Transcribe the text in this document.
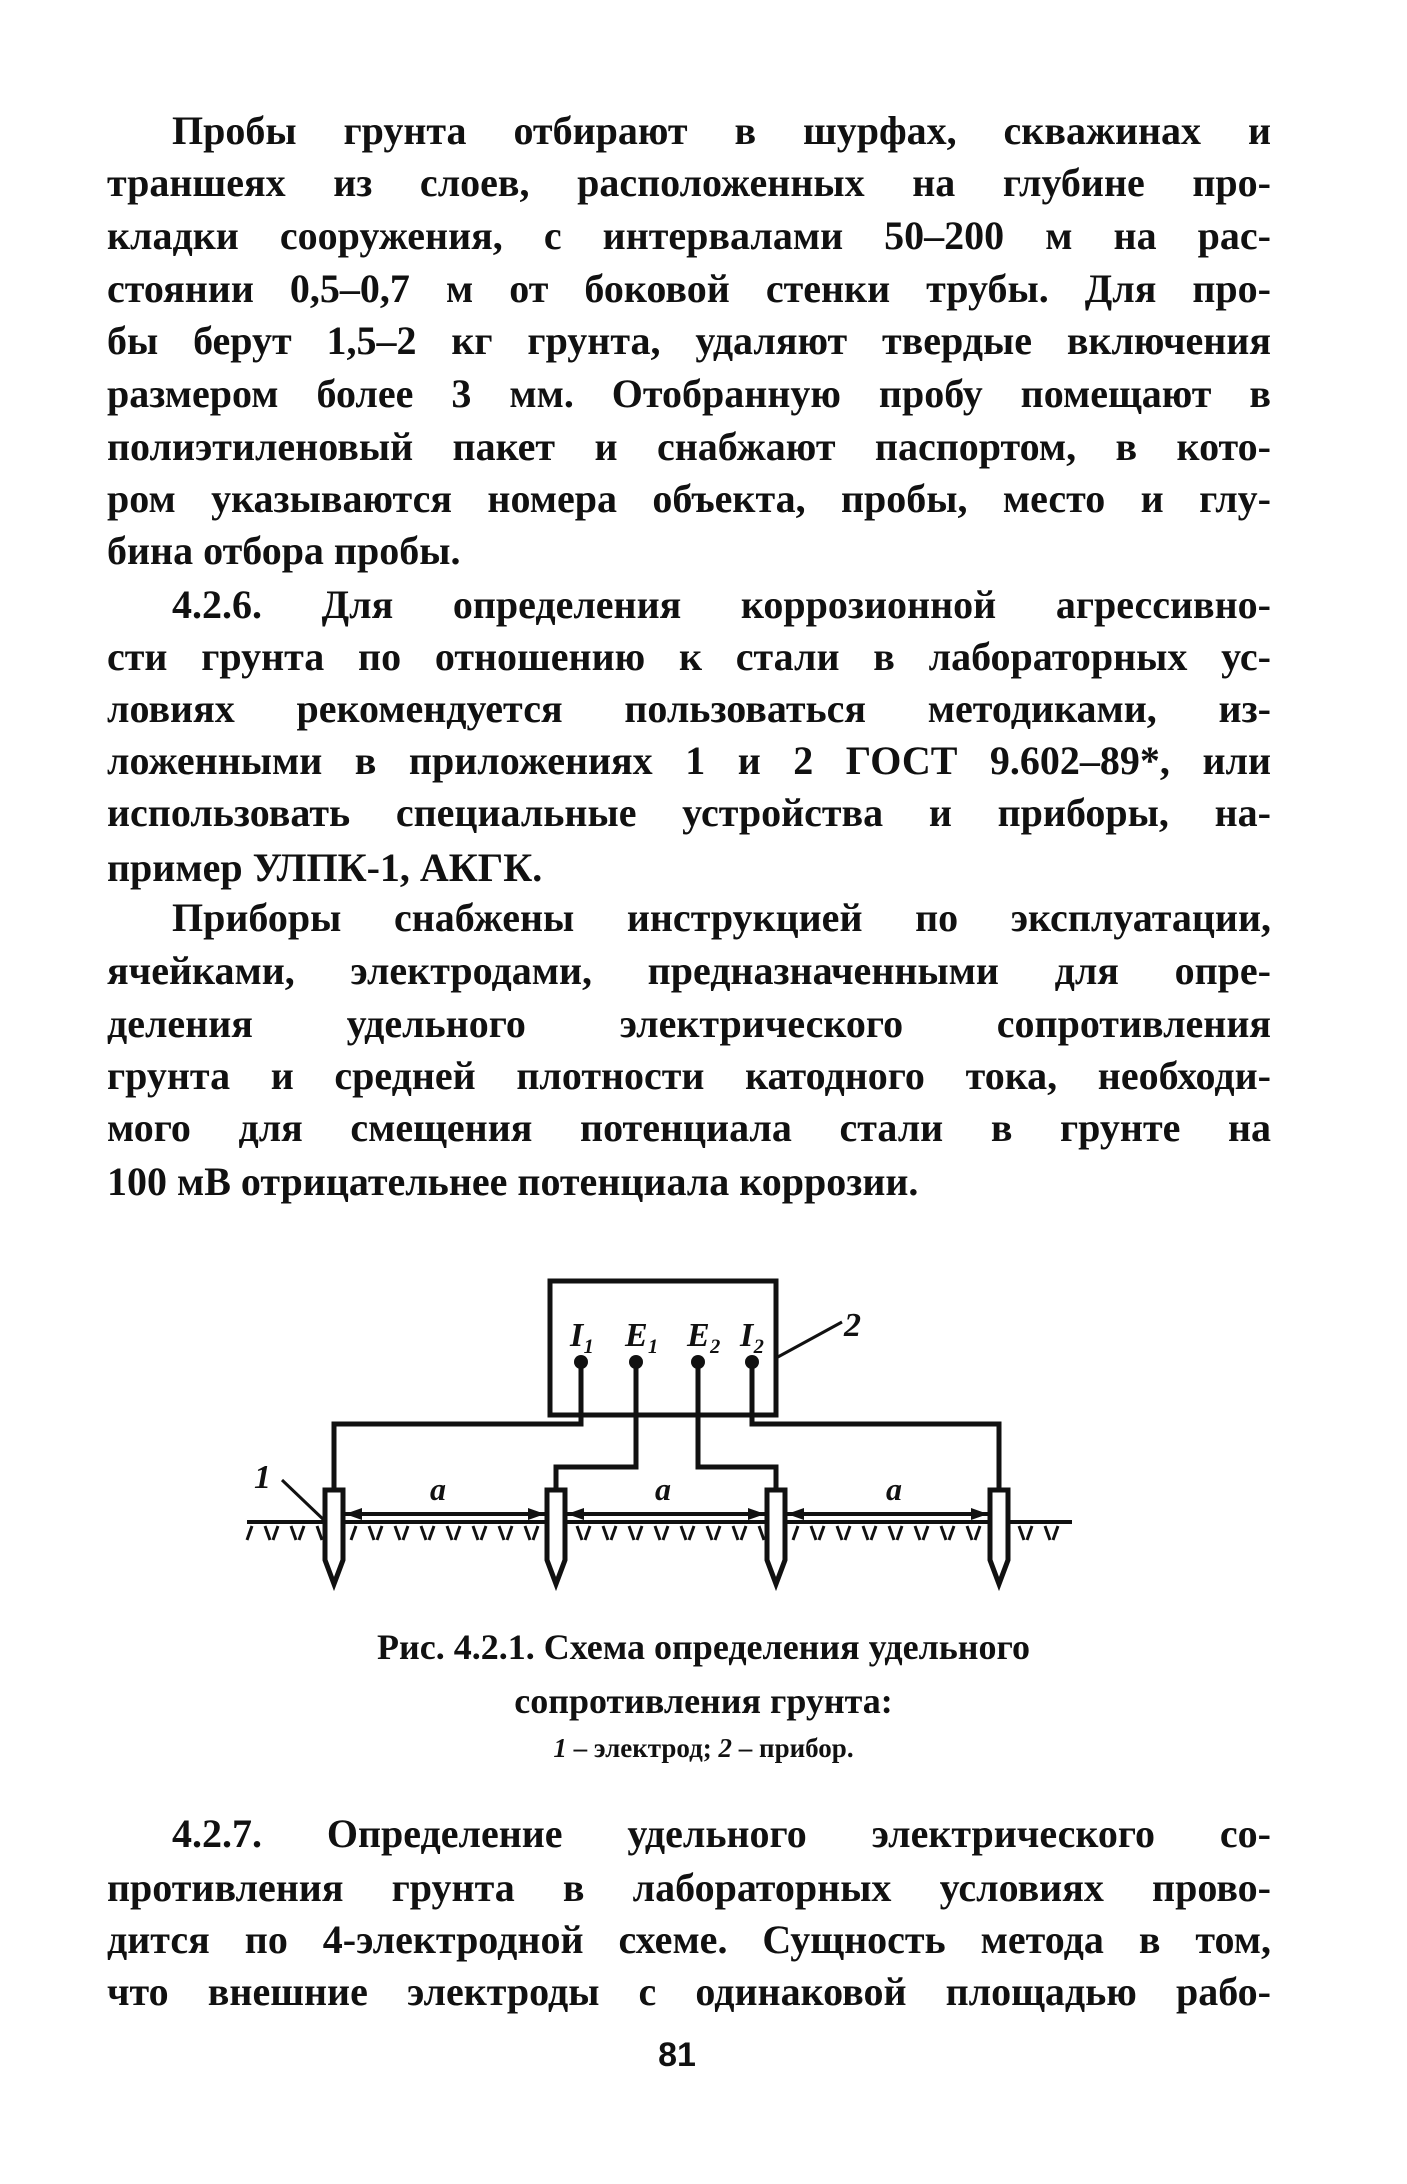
Пробы грунта отбирают в шурфах, скважинах и
траншеях из слоев, расположенных на глубине про-
кладки сооружения, с интервалами 50–200 м на рас-
стоянии 0,5–0,7 м от боковой стенки трубы. Для про-
бы берут 1,5–2 кг грунта, удаляют твердые включения
размером более 3 мм. Отобранную пробу помещают в
полиэтиленовый пакет и снабжают паспортом, в кото-
ром указываются номера объекта, пробы, место и глу-
бина отбора пробы.
4.2.6. Для определения коррозионной агрессивно-
сти грунта по отношению к стали в лабораторных ус-
ловиях рекомендуется пользоваться методиками, из-
ложенными в приложениях 1 и 2 ГОСТ 9.602–89*, или
использовать специальные устройства и приборы, на-
пример УЛПК-1, АКГК.
Приборы снабжены инструкцией по эксплуатации,
ячейками, электродами, предназначенными для опре-
деления удельного электрического сопротивления
грунта и средней плотности катодного тока, необходи-
мого для смещения потенциала стали в грунте на
100 мВ отрицательнее потенциала коррозии.
4.2.7. Определение удельного электрического со-
противления грунта в лабораторных условиях прово-
дится по 4-электродной схеме. Сущность метода в том,
что внешние электроды с одинаковой площадью рабо-
I₁ E₁ E₂ I₂ 2
1	a	a	a
Рис. 4.2.1. Схема определения удельного
сопротивления грунта:
1 – электрод; 2 – прибор.
81
